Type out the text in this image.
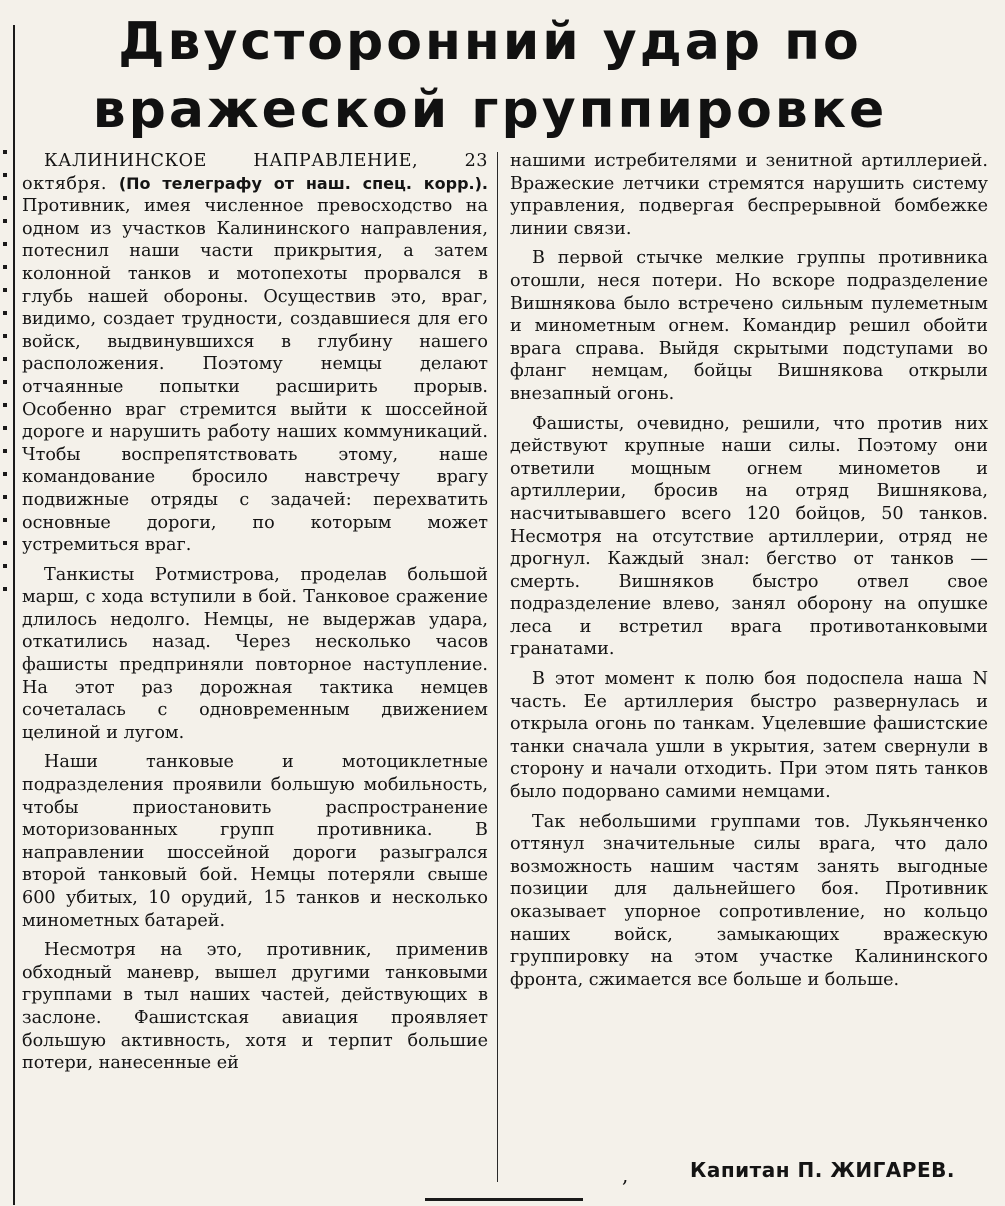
Двусторонний удар по
вражеской группировке

КАЛИНИНСКОЕ НАПРАВЛЕНИЕ, 23 октября. (По телеграфу от наш. спец. корр.). Противник, имея численное превосходство на одном из участков Калининского направления, потеснил наши части прикрытия, а затем колонной танков и мотопехоты прорвался в глубь нашей обороны. Осуществив это, враг, видимо, создает трудности, создавшиеся для его войск, выдвинувшихся в глубину нашего расположения. Поэтому немцы делают отчаянные попытки расширить прорыв. Особенно враг стремится выйти к шоссейной дороге и нарушить работу наших коммуникаций. Чтобы воспрепятствовать этому, наше командование бросило навстречу врагу подвижные отряды с задачей: перехватить основные дороги, по которым может устремиться враг.

Танкисты Ротмистрова, проделав большой марш, с хода вступили в бой. Танковое сражение длилось недолго. Немцы, не выдержав удара, откатились назад. Через несколько часов фашисты предприняли повторное наступление. На этот раз дорожная тактика немцев сочеталась с одновременным движением целиной и лугом.

Наши танковые и мотоциклетные подразделения проявили большую мобильность, чтобы приостановить распространение моторизованных групп противника. В направлении шоссейной дороги разыгрался второй танковый бой. Немцы потеряли свыше 600 убитых, 10 орудий, 15 танков и несколько минометных батарей.

Несмотря на это, противник, применив обходный маневр, вышел другими танковыми группами в тыл наших частей, действующих в заслоне. Фашистская авиация проявляет большую активность, хотя и терпит большие потери, нанесенные ей

нашими истребителями и зенитной артиллерией. Вражеские летчики стремятся нарушить систему управления, подвергая беспрерывной бомбежке линии связи.

В первой стычке мелкие группы противника отошли, неся потери. Но вскоре подразделение Вишнякова было встречено сильным пулеметным и минометным огнем. Командир решил обойти врага справа. Выйдя скрытыми подступами во фланг немцам, бойцы Вишнякова открыли внезапный огонь.

Фашисты, очевидно, решили, что против них действуют крупные наши силы. Поэтому они ответили мощным огнем минометов и артиллерии, бросив на отряд Вишнякова, насчитывавшего всего 120 бойцов, 50 танков. Несмотря на отсутствие артиллерии, отряд не дрогнул. Каждый знал: бегство от танков — смерть. Вишняков быстро отвел свое подразделение влево, занял оборону на опушке леса и встретил врага противотанковыми гранатами.

В этот момент к полю боя подоспела наша N часть. Ее артиллерия быстро развернулась и открыла огонь по танкам. Уцелевшие фашистские танки сначала ушли в укрытия, затем свернули в сторону и начали отходить. При этом пять танков было подорвано самими немцами.

Так небольшими группами тов. Лукьянченко оттянул значительные силы врага, что дало возможность нашим частям занять выгодные позиции для дальнейшего боя. Противник оказывает упорное сопротивление, но кольцо наших войск, замыкающих вражескую группировку на этом участке Калининского фронта, сжимается все больше и больше.

,	Капитан П. ЖИГАРЕВ.
